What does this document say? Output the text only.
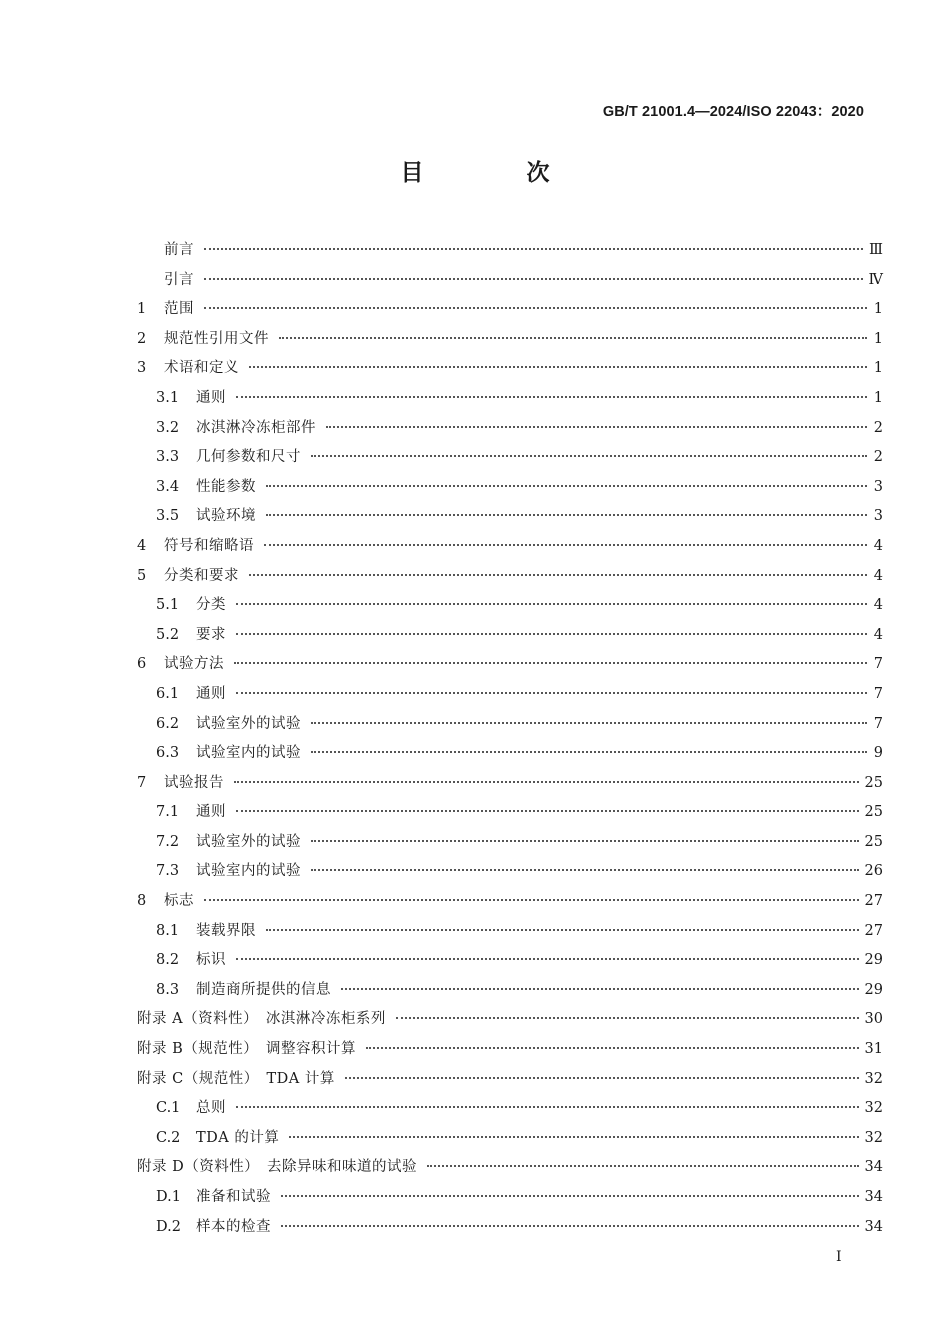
GB/T 21001.4—2024/ISO 22043：2020
目　次
前言	Ⅲ
引言	Ⅳ
1	范围	1
2	规范性引用文件	1
3	术语和定义	1
3.1	通则	1
3.2	冰淇淋冷冻柜部件	2
3.3	几何参数和尺寸	2
3.4	性能参数	3
3.5	试验环境	3
4	符号和缩略语	4
5	分类和要求	4
5.1	分类	4
5.2	要求	4
6	试验方法	7
6.1	通则	7
6.2	试验室外的试验	7
6.3	试验室内的试验	9
7	试验报告	25
7.1	通则	25
7.2	试验室外的试验	25
7.3	试验室内的试验	26
8	标志	27
8.1	装载界限	27
8.2	标识	29
8.3	制造商所提供的信息	29
附录 A（资料性）　冰淇淋冷冻柜系列	30
附录 B（规范性）　调整容积计算	31
附录 C（规范性）　TDA 计算	32
C.1	总则	32
C.2	TDA 的计算	32
附录 D（资料性）　去除异味和味道的试验	34
D.1	准备和试验	34
D.2	样本的检查	34
I
